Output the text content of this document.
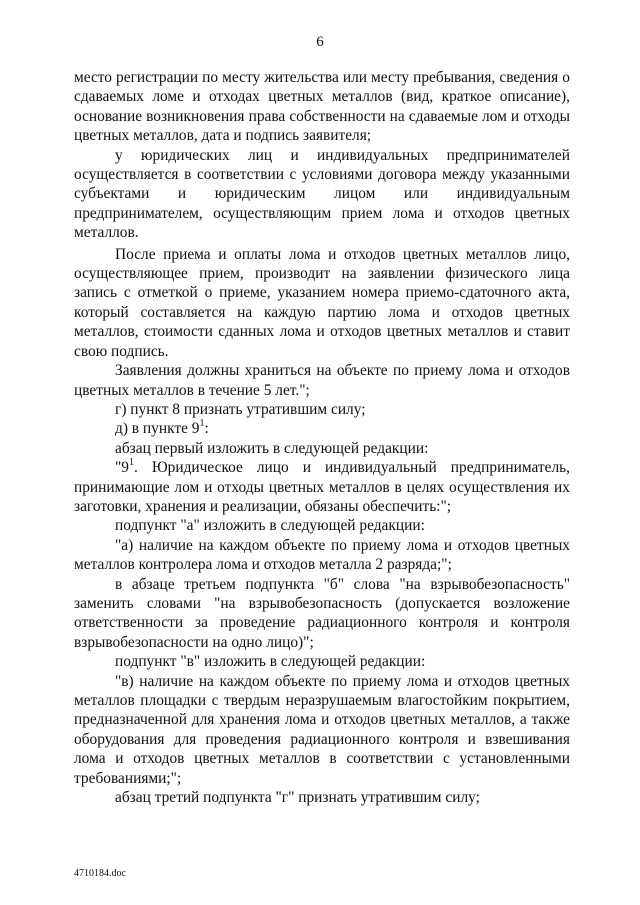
6

место регистрации по месту жительства или месту пребывания, сведения о сдаваемых ломе и отходах цветных металлов (вид, краткое описание), основание возникновения права собственности на сдаваемые лом и отходы цветных металлов, дата и подпись заявителя;

у юридических лиц и индивидуальных предпринимателей осуществляется в соответствии с условиями договора между указанными субъектами и юридическим лицом или индивидуальным предпринимателем, осуществляющим прием лома и отходов цветных металлов.

После приема и оплаты лома и отходов цветных металлов лицо, осуществляющее прием, производит на заявлении физического лица запись с отметкой о приеме, указанием номера приемо-сдаточного акта, который составляется на каждую партию лома и отходов цветных металлов, стоимости сданных лома и отходов цветных металлов и ставит свою подпись.

Заявления должны храниться на объекте по приему лома и отходов цветных металлов в течение 5 лет.";

г) пункт 8 признать утратившим силу;

д) в пункте $9^1$:

абзац первый изложить в следующей редакции:

"$9^1$. Юридическое лицо и индивидуальный предприниматель, принимающие лом и отходы цветных металлов в целях осуществления их заготовки, хранения и реализации, обязаны обеспечить:";

подпункт "а" изложить в следующей редакции:

"а) наличие на каждом объекте по приему лома и отходов цветных металлов контролера лома и отходов металла 2 разряда;";

в абзаце третьем подпункта "б" слова "на взрывобезопасность" заменить словами "на взрывобезопасность (допускается возложение ответственности за проведение радиационного контроля и контроля взрывобезопасности на одно лицо)";

подпункт "в" изложить в следующей редакции:

"в) наличие на каждом объекте по приему лома и отходов цветных металлов площадки с твердым неразрушаемым влагостойким покрытием, предназначенной для хранения лома и отходов цветных металлов, а также оборудования для проведения радиационного контроля и взвешивания лома и отходов цветных металлов в соответствии с установленными требованиями;";

абзац третий подпункта "г" признать утратившим силу;

4710184.doc
